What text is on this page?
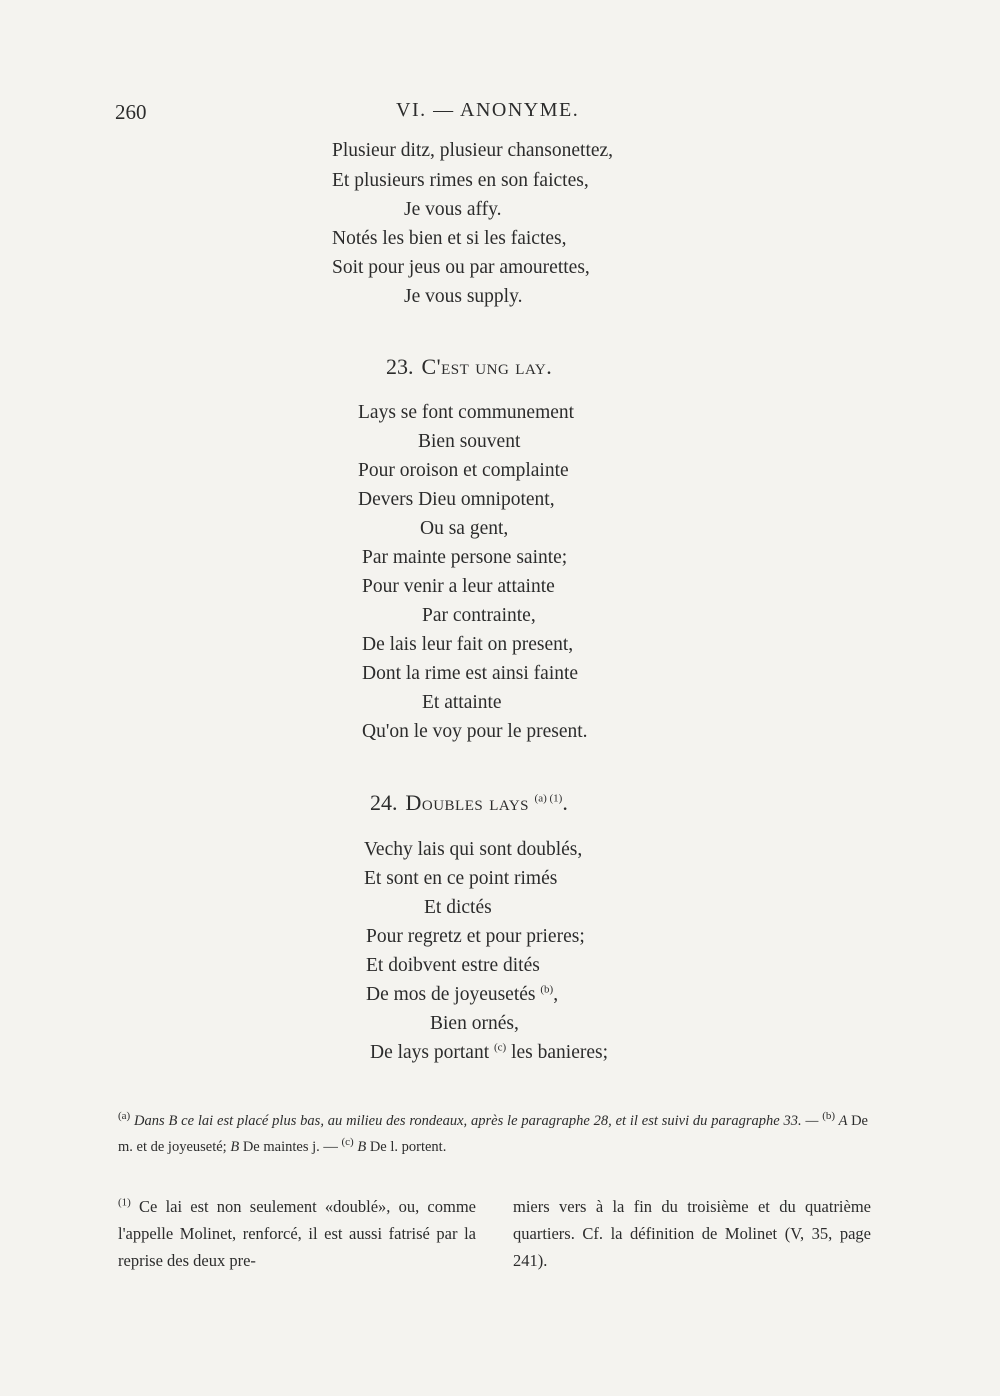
260	VI. — ANONYME.
Plusieur ditz, plusieur chansonettez,
Et plusieurs rimes en son faictes,
Je vous affy.
Notés les bien et si les faictes,
Soit pour jeus ou par amourettes,
Je vous supply.
23. C'est ung lay.
Lays se font communement
Bien souvent
Pour oroison et complainte
Devers Dieu omnipotent,
Ou sa gent,
Par mainte persone sainte;
Pour venir a leur attainte
Par contrainte,
De lais leur fait on present,
Dont la rime est ainsi fainte
Et attainte
Qu'on le voy pour le present.
24. Doubles lays $^{(a) (1)}$.
Vechy lais qui sont doublés,
Et sont en ce point rimés
Et dictés
Pour regretz et pour prieres;
Et doibvent estre dités
De mos de joyeusetés $^{(b)}$,
Bien ornés,
De lays portant $^{(c)}$ les banieres;
$^{(a)}$ Dans B ce lai est placé plus bas, au milieu des rondeaux, après le paragraphe 28, et il est suivi du paragraphe 33. — $^{(b)}$ A De m. et de joyeuseté; B De maintes j. — $^{(c)}$ B De l. portent.
$^{(1)}$ Ce lai est non seulement «doublé», ou, comme l'appelle Molinet, renforcé, il est aussi fatrisé par la reprise des deux pre-
miers vers à la fin du troisième et du quatrième quartiers. Cf. la définition de Molinet (V, 35, page 241).
